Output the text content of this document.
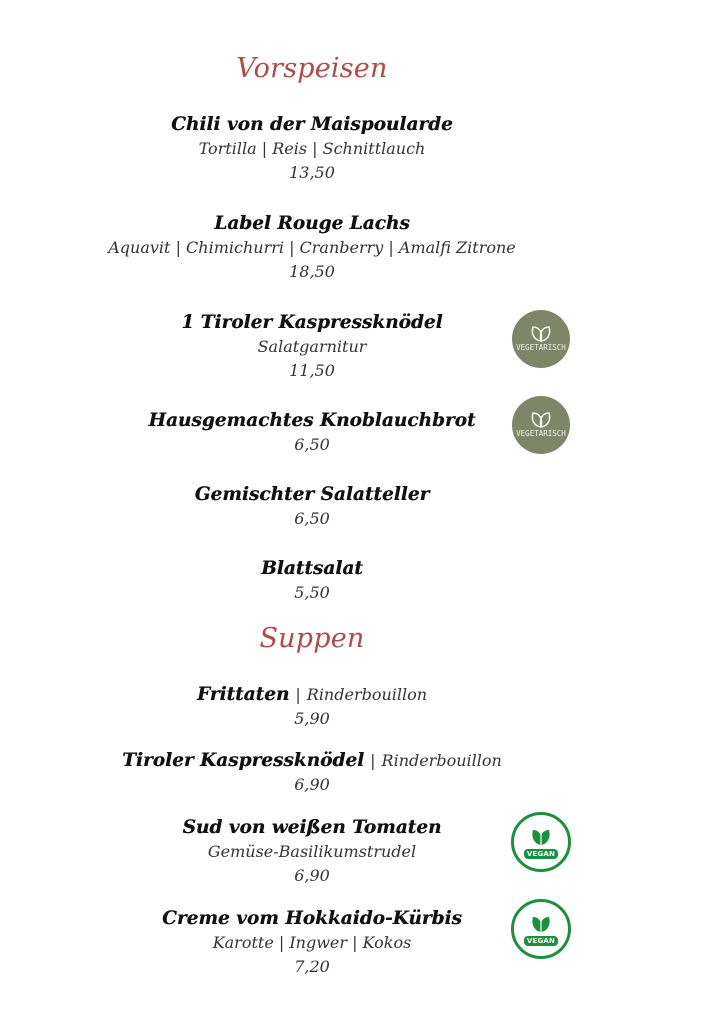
Vorspeisen
Chili von der Maispoularde
Tortilla | Reis | Schnittlauch
13,50
Label Rouge Lachs
Aquavit | Chimichurri | Cranberry | Amalfi Zitrone
18,50
1 Tiroler Kaspressknödel
Salatgarnitur
11,50
VEGETARISCH
Hausgemachtes Knoblauchbrot
6,50
VEGETARISCH
Gemischter Salatteller
6,50
Blattsalat
5,50
Suppen
Frittaten | Rinderbouillon
5,90
Tiroler Kaspressknödel | Rinderbouillon
6,90
Sud von weißen Tomaten
Gemüse-Basilikumstrudel
6,90
VEGAN
Creme vom Hokkaido-Kürbis
Karotte | Ingwer | Kokos
7,20
VEGAN
